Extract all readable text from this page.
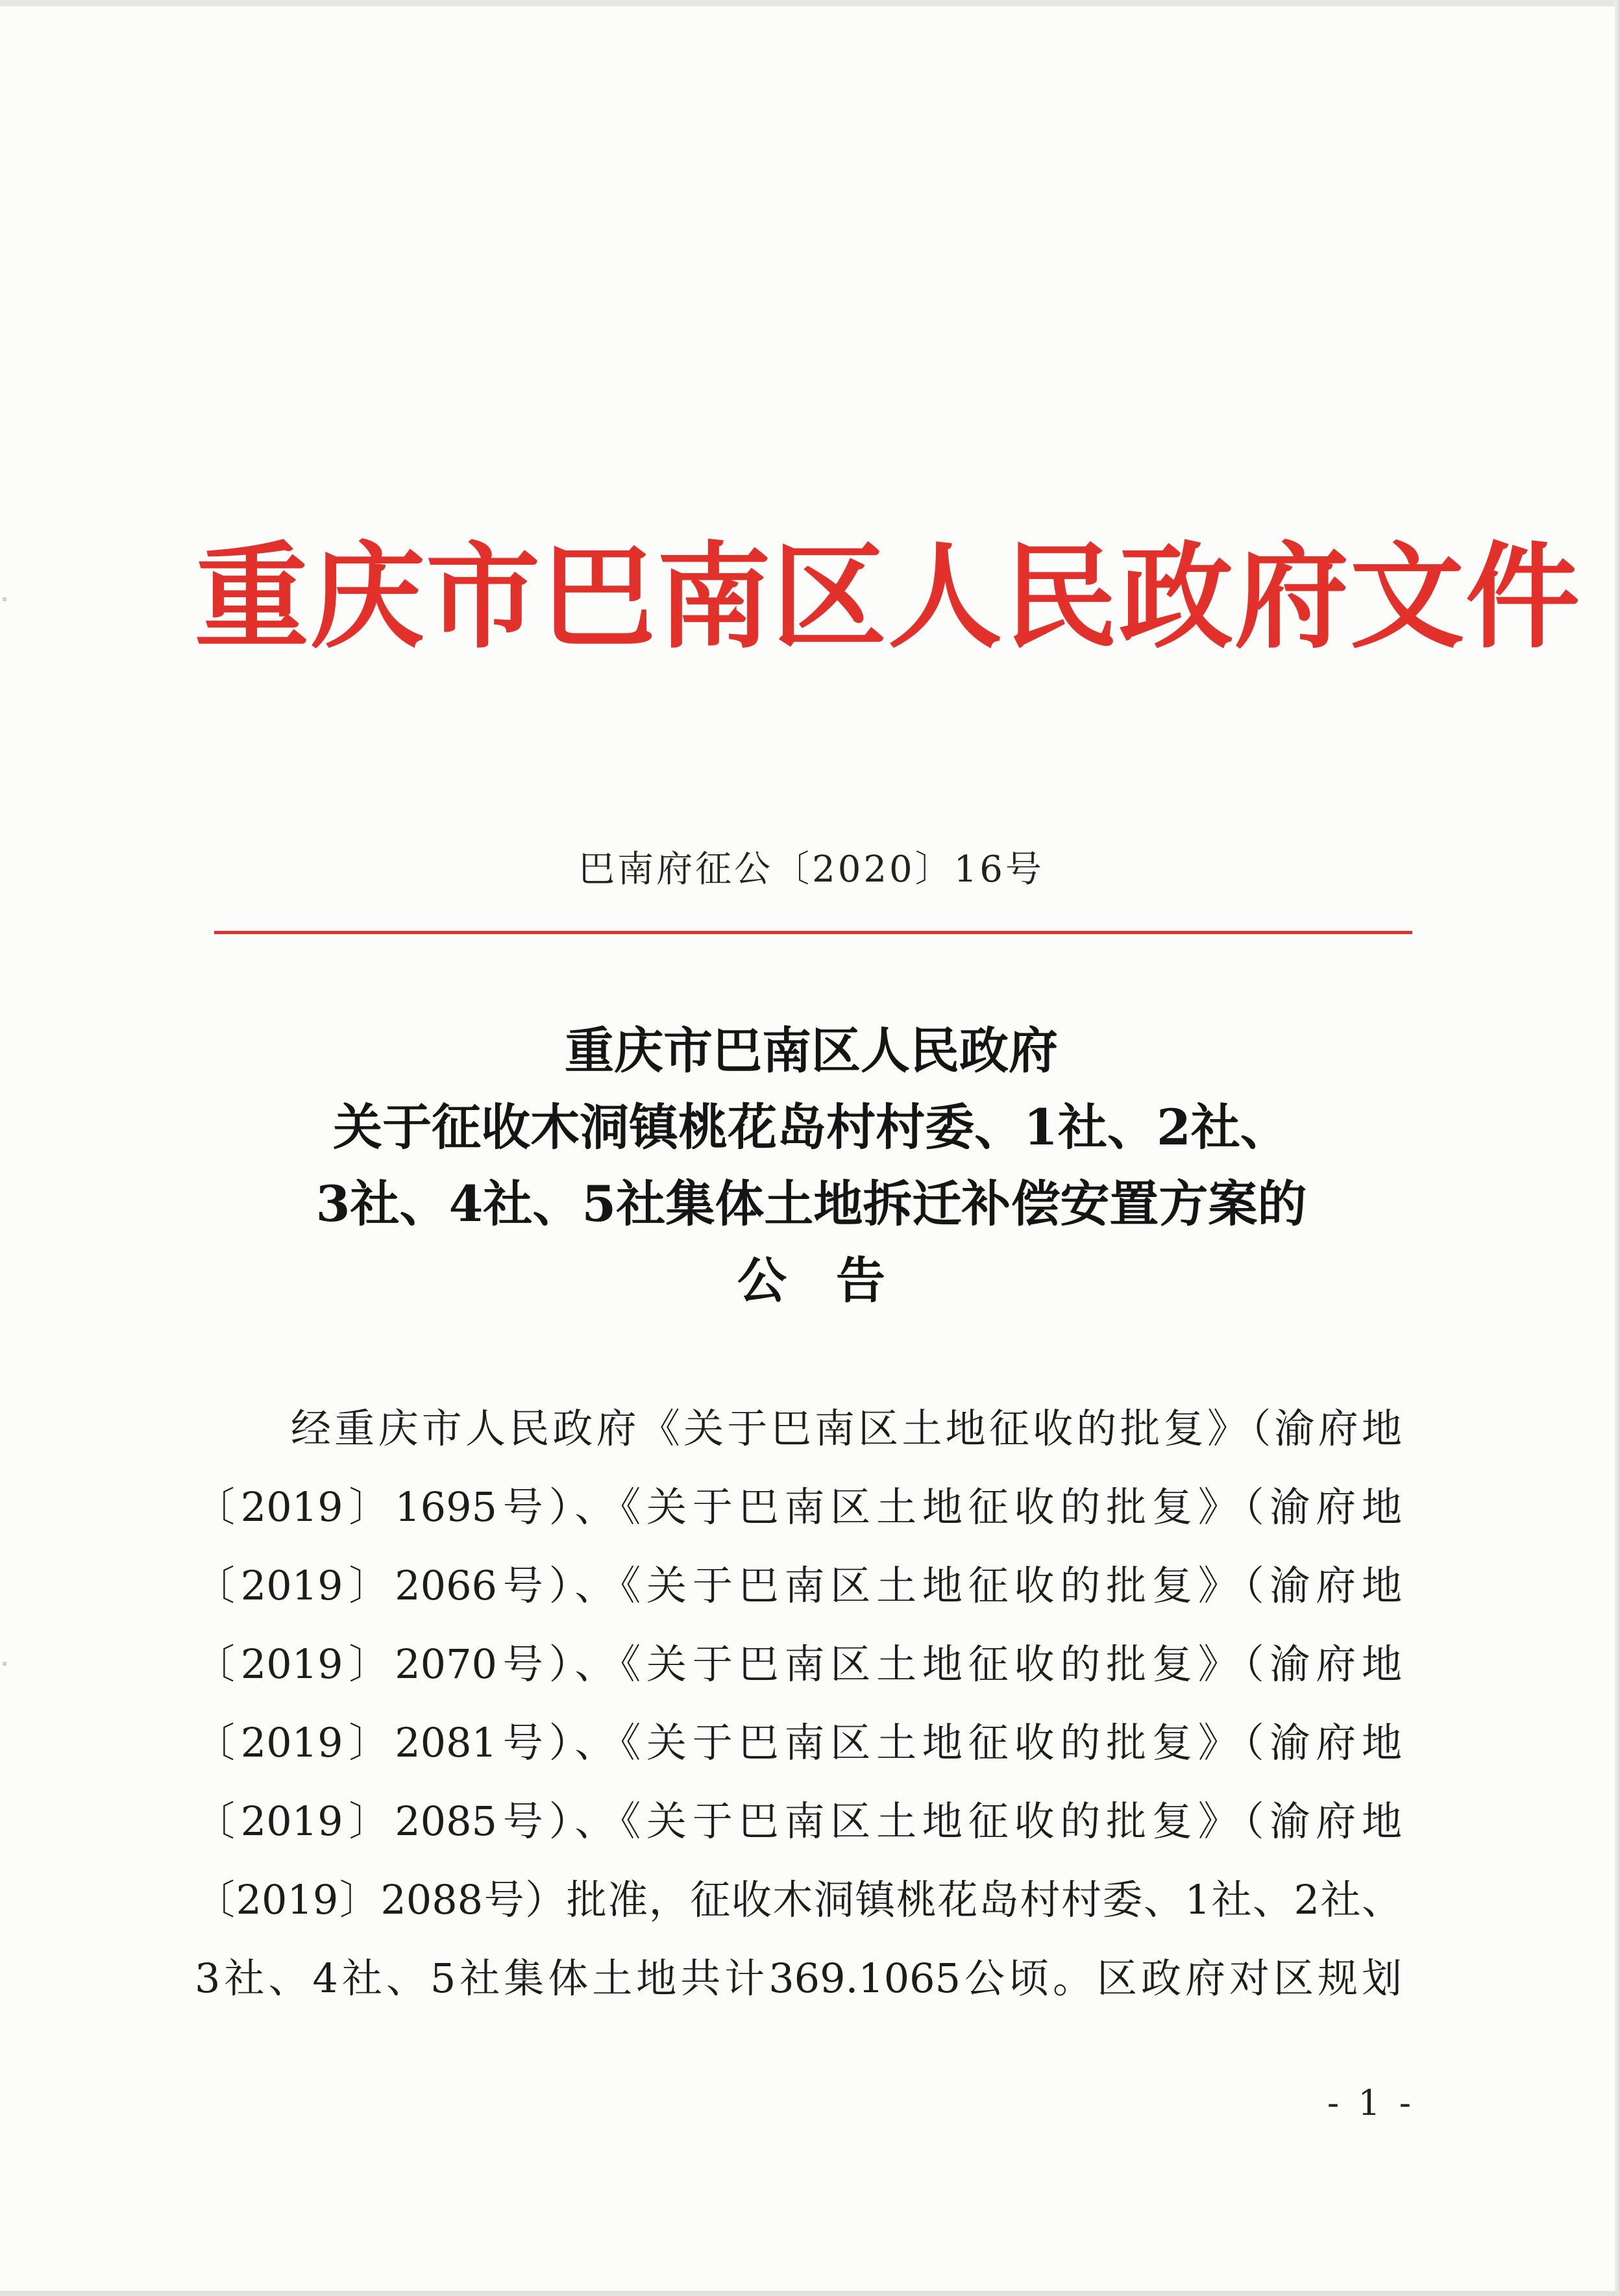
重庆市巴南区人民政府文件
巴南府征公〔2020〕16号
重庆市巴南区人民政府
关于征收木洞镇桃花岛村村委、1社、2社、
3社、4社、5社集体土地拆迁补偿安置方案的
公　告
经重庆市人民政府《关于巴南区土地征收的批复》（渝府地
〔2019〕1695号）、《关于巴南区土地征收的批复》（渝府地
〔2019〕2066号）、《关于巴南区土地征收的批复》（渝府地
〔2019〕2070号）、《关于巴南区土地征收的批复》（渝府地
〔2019〕2081号）、《关于巴南区土地征收的批复》（渝府地
〔2019〕2085号）、《关于巴南区土地征收的批复》（渝府地
〔2019〕2088号）批准，征收木洞镇桃花岛村村委、1社、2社、
3社、4社、5社集体土地共计369.1065公顷。区政府对区规划
- 1 -
